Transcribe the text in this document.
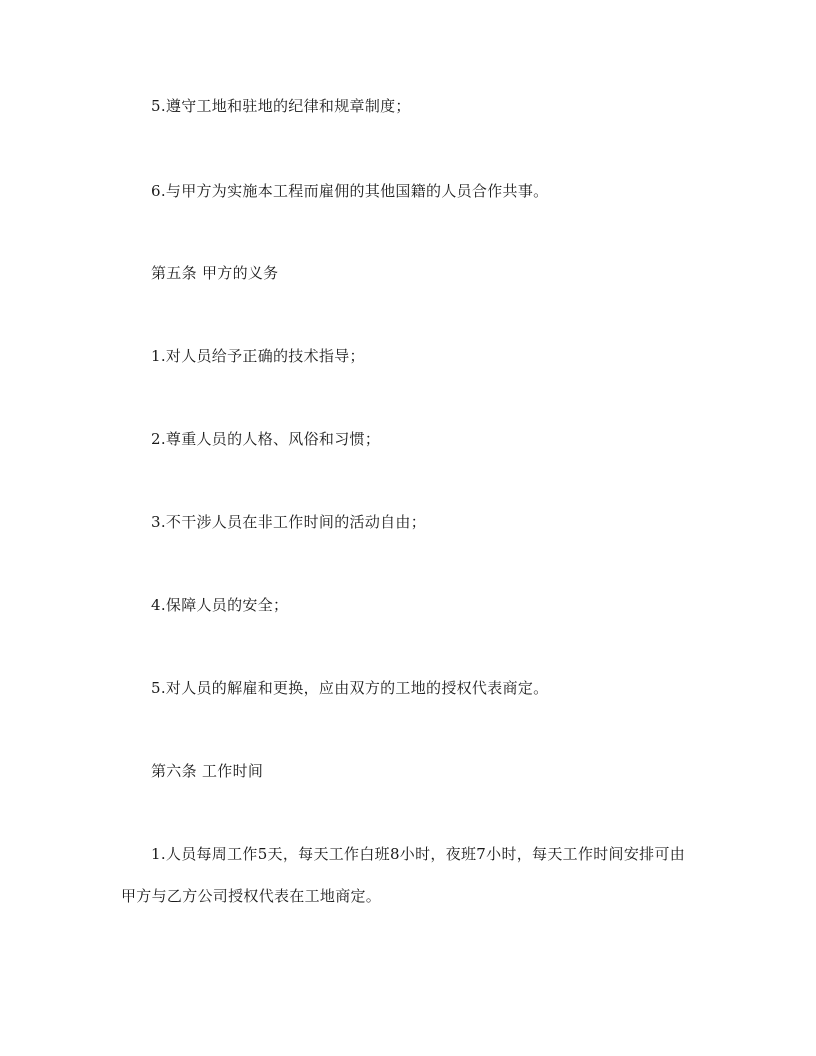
5.遵守工地和驻地的纪律和规章制度；
6.与甲方为实施本工程而雇佣的其他国籍的人员合作共事。
第五条 甲方的义务
1.对人员给予正确的技术指导；
2.尊重人员的人格、风俗和习惯；
3.不干涉人员在非工作时间的活动自由；
4.保障人员的安全；
5.对人员的解雇和更换，应由双方的工地的授权代表商定。
第六条 工作时间
1.人员每周工作5天，每天工作白班8小时，夜班7小时，每天工作时间安排可由
甲方与乙方公司授权代表在工地商定。
